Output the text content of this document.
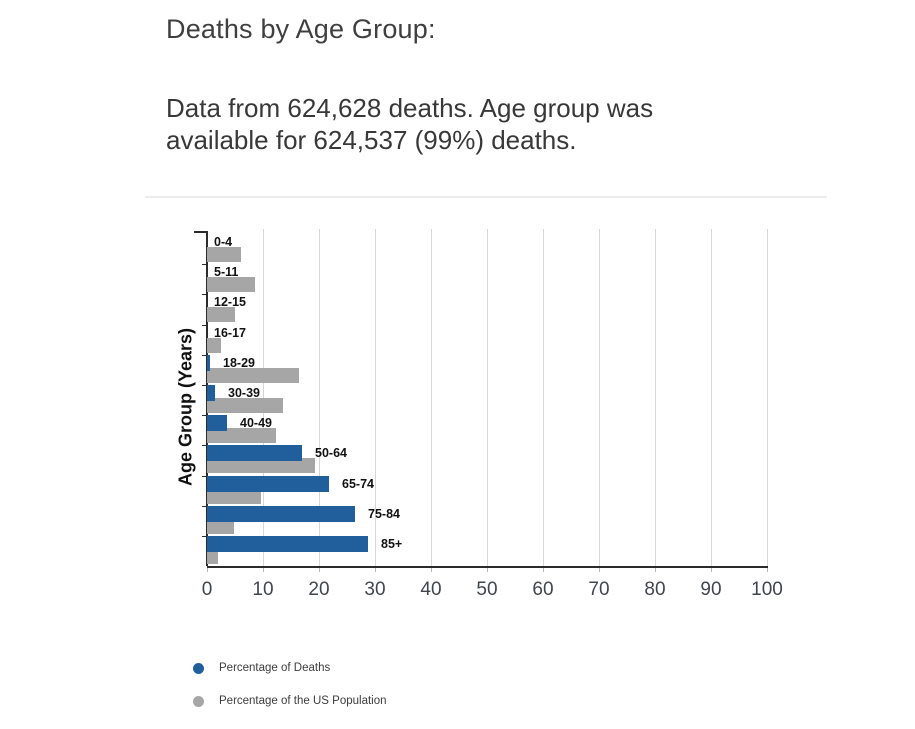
Deaths by Age Group:

Data from 624,628 deaths. Age group was available for 624,537 (99%) deaths.

Age Group (Years)
0 10 20 30 40 50 60 70 80 90 100
0-4
5-11
12-15
16-17
18-29
30-39
40-49
50-64
65-74
75-84
85+
Percentage of Deaths
Percentage of the US Population
